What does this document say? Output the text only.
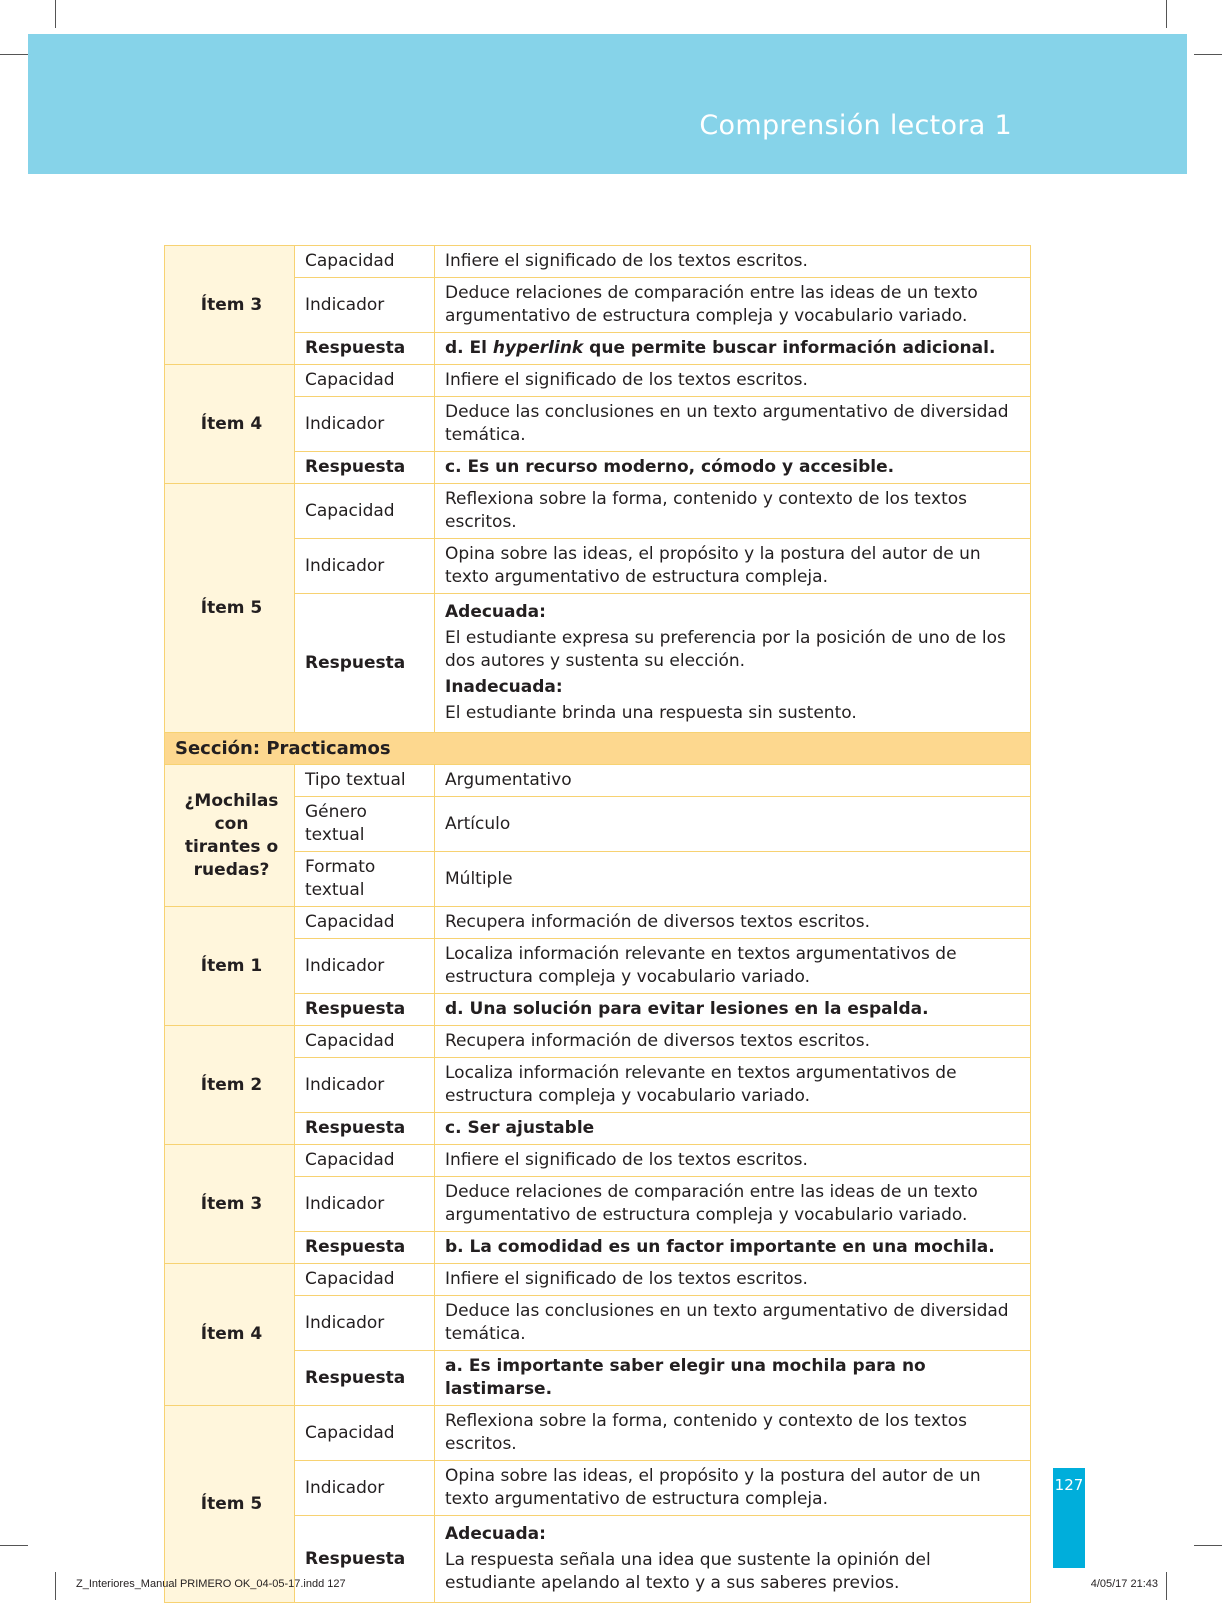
Comprensión lectora 1
Ítem 3	Capacidad	Infiere el significado de los textos escritos.
	Indicador	Deduce relaciones de comparación entre las ideas de un texto argumentativo de estructura compleja y vocabulario variado.
	Respuesta	d. El hyperlink que permite buscar información adicional.
Ítem 4	Capacidad	Infiere el significado de los textos escritos.
	Indicador	Deduce las conclusiones en un texto argumentativo de diversidad temática.
	Respuesta	c. Es un recurso moderno, cómodo y accesible.
Ítem 5	Capacidad	Reflexiona sobre la forma, contenido y contexto de los textos escritos.
	Indicador	Opina sobre las ideas, el propósito y la postura del autor de un texto argumentativo de estructura compleja.
	Respuesta	Adecuada:
El estudiante expresa su preferencia por la posición de uno de los dos autores y sustenta su elección.
Inadecuada:
El estudiante brinda una respuesta sin sustento.

Sección: Practicamos		
¿Mochilas con tirantes o ruedas?	Tipo textual	Argumentativo
	Género textual	Artículo
	Formato textual	Múltiple
Ítem 1	Capacidad	Recupera información de diversos textos escritos.
	Indicador	Localiza información relevante en textos argumentativos de estructura compleja y vocabulario variado.
	Respuesta	d. Una solución para evitar lesiones en la espalda.
Ítem 2	Capacidad	Recupera información de diversos textos escritos.
	Indicador	Localiza información relevante en textos argumentativos de estructura compleja y vocabulario variado.
	Respuesta	c. Ser ajustable
Ítem 3	Capacidad	Infiere el significado de los textos escritos.
	Indicador	Deduce relaciones de comparación entre las ideas de un texto argumentativo de estructura compleja y vocabulario variado.
	Respuesta	b. La comodidad es un factor importante en una mochila.
Ítem 4	Capacidad	Infiere el significado de los textos escritos.
	Indicador	Deduce las conclusiones en un texto argumentativo de diversidad temática.
	Respuesta	a. Es importante saber elegir una mochila para no lastimarse.
Ítem 5	Capacidad	Reflexiona sobre la forma, contenido y contexto de los textos escritos.
	Indicador	Opina sobre las ideas, el propósito y la postura del autor de un texto argumentativo de estructura compleja.
	Respuesta	Adecuada:
La respuesta señala una idea que sustente la opinión del estudiante apelando al texto y a sus saberes previos.
127
Z_Interiores_Manual PRIMERO OK_04-05-17.indd 127	4/05/17 21:43
